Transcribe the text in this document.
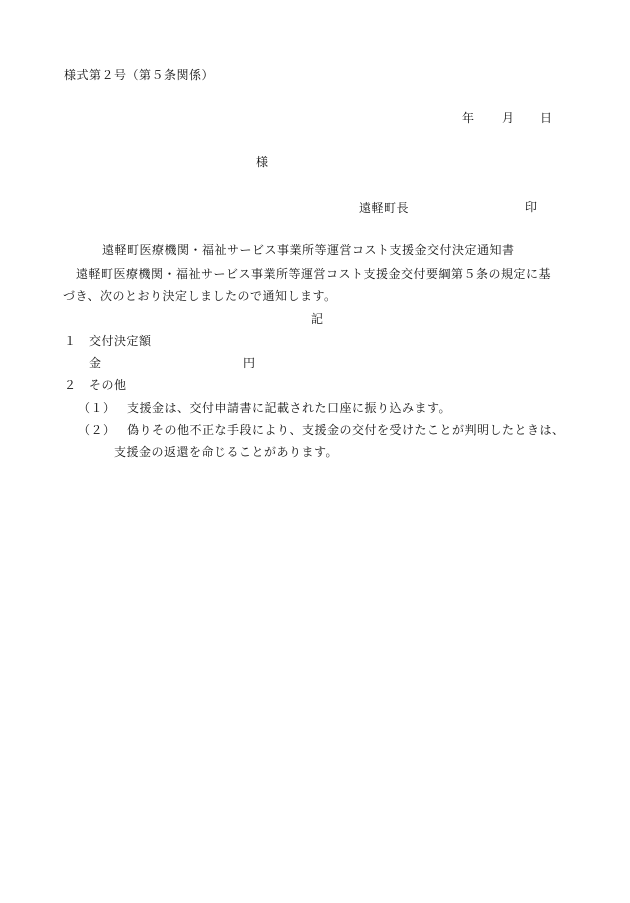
様式第２号（第５条関係）
年 月 日
様
遠軽町長	印
遠軽町医療機関・福祉サービス事業所等運営コスト支援金交付決定通知書
遠軽町医療機関・福祉サービス事業所等運営コスト支援金交付要綱第５条の規定に基
づき、次のとおり決定しましたので通知します。
記
１ 交付決定額
金	円
２ その他
（１） 支援金は、交付申請書に記載された口座に振り込みます。
（２） 偽りその他不正な手段により、支援金の交付を受けたことが判明したときは、
支援金の返還を命じることがあります。
